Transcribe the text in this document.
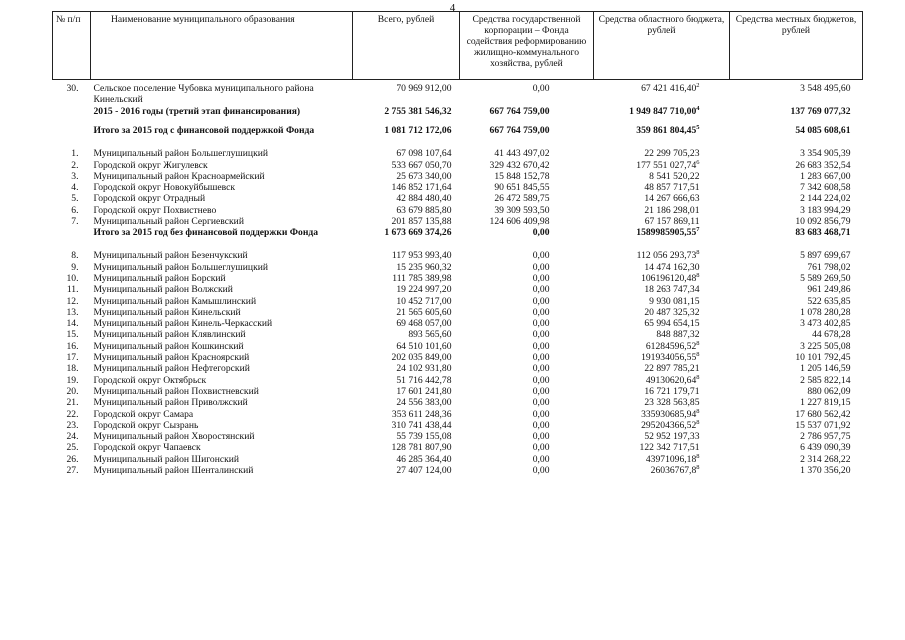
4
№ п/п	Наименование муниципального образования	Всего, рублей	Средства государственной корпорации – Фонда содействия реформированию жилищно-коммунального хозяйства, рублей	Средства областного бюджета, рублей	Средства местных бюджетов, рублей
30.	Сельское поселение Чубовка муниципального района Кинельский	70 969 912,00	0,00	67 421 416,40$^2$	3 548 495,60
	2015 - 2016 годы (третий этап финансирования)	2 755 381 546,32	667 764 759,00	1 949 847 710,00$^4$	137 769 077,32
	Итого за 2015 год с финансовой поддержкой Фонда	1 081 712 172,06	667 764 759,00	359 861 804,45$^5$	54 085 608,61
1.	Муниципальный район Большеглушицкий	67 098 107,64	41 443 497,02	22 299 705,23	3 354 905,39
2.	Городской округ Жигулевск	533 667 050,70	329 432 670,42	177 551 027,74$^6$	26 683 352,54
3.	Муниципальный район Красноармейский	25 673 340,00	15 848 152,78	8 541 520,22	1 283 667,00
4.	Городской округ Новокуйбышевск	146 852 171,64	90 651 845,55	48 857 717,51	7 342 608,58
5.	Городской округ Отрадный	42 884 480,40	26 472 589,75	14 267 666,63	2 144 224,02
6.	Городской округ Похвистнево	63 679 885,80	39 309 593,50	21 186 298,01	3 183 994,29
7.	Муниципальный район Сергиевский	201 857 135,88	124 606 409,98	67 157 869,11	10 092 856,79
	Итого за 2015 год без финансовой поддержки Фонда	1 673 669 374,26	0,00	1589985905,55$^7$	83 683 468,71
8.	Муниципальный район Безенчукский	117 953 993,40	0,00	112 056 293,73$^8$	5 897 699,67
9.	Муниципальный район Большеглушицкий	15 235 960,32	0,00	14 474 162,30	761 798,02
10.	Муниципальный район Борский	111 785 389,98	0,00	106196120,48$^8$	5 589 269,50
11.	Муниципальный район Волжский	19 224 997,20	0,00	18 263 747,34	961 249,86
12.	Муниципальный район Камышлинский	10 452 717,00	0,00	9 930 081,15	522 635,85
13.	Муниципальный район Кинельский	21 565 605,60	0,00	20 487 325,32	1 078 280,28
14.	Муниципальный район Кинель-Черкасский	69 468 057,00	0,00	65 994 654,15	3 473 402,85
15.	Муниципальный район Клявлинский	893 565,60	0,00	848 887,32	44 678,28
16.	Муниципальный район Кошкинский	64 510 101,60	0,00	61284596,52$^8$	3 225 505,08
17.	Муниципальный район Красноярский	202 035 849,00	0,00	191934056,55$^8$	10 101 792,45
18.	Муниципальный район Нефтегорский	24 102 931,80	0,00	22 897 785,21	1 205 146,59
19.	Городской округ Октябрьск	51 716 442,78	0,00	49130620,64$^8$	2 585 822,14
20.	Муниципальный район Похвистневский	17 601 241,80	0,00	16 721 179,71	880 062,09
21.	Муниципальный район Приволжский	24 556 383,00	0,00	23 328 563,85	1 227 819,15
22.	Городской округ Самара	353 611 248,36	0,00	335930685,94$^8$	17 680 562,42
23.	Городской округ Сызрань	310 741 438,44	0,00	295204366,52$^8$	15 537 071,92
24.	Муниципальный район Хворостянский	55 739 155,08	0,00	52 952 197,33	2 786 957,75
25.	Городской округ Чапаевск	128 781 807,90	0,00	122 342 717,51	6 439 090,39
26.	Муниципальный район Шигонский	46 285 364,40	0,00	43971096,18$^8$	2 314 268,22
27.	Муниципальный район Шенталинский	27 407 124,00	0,00	26036767,8$^8$	1 370 356,20
